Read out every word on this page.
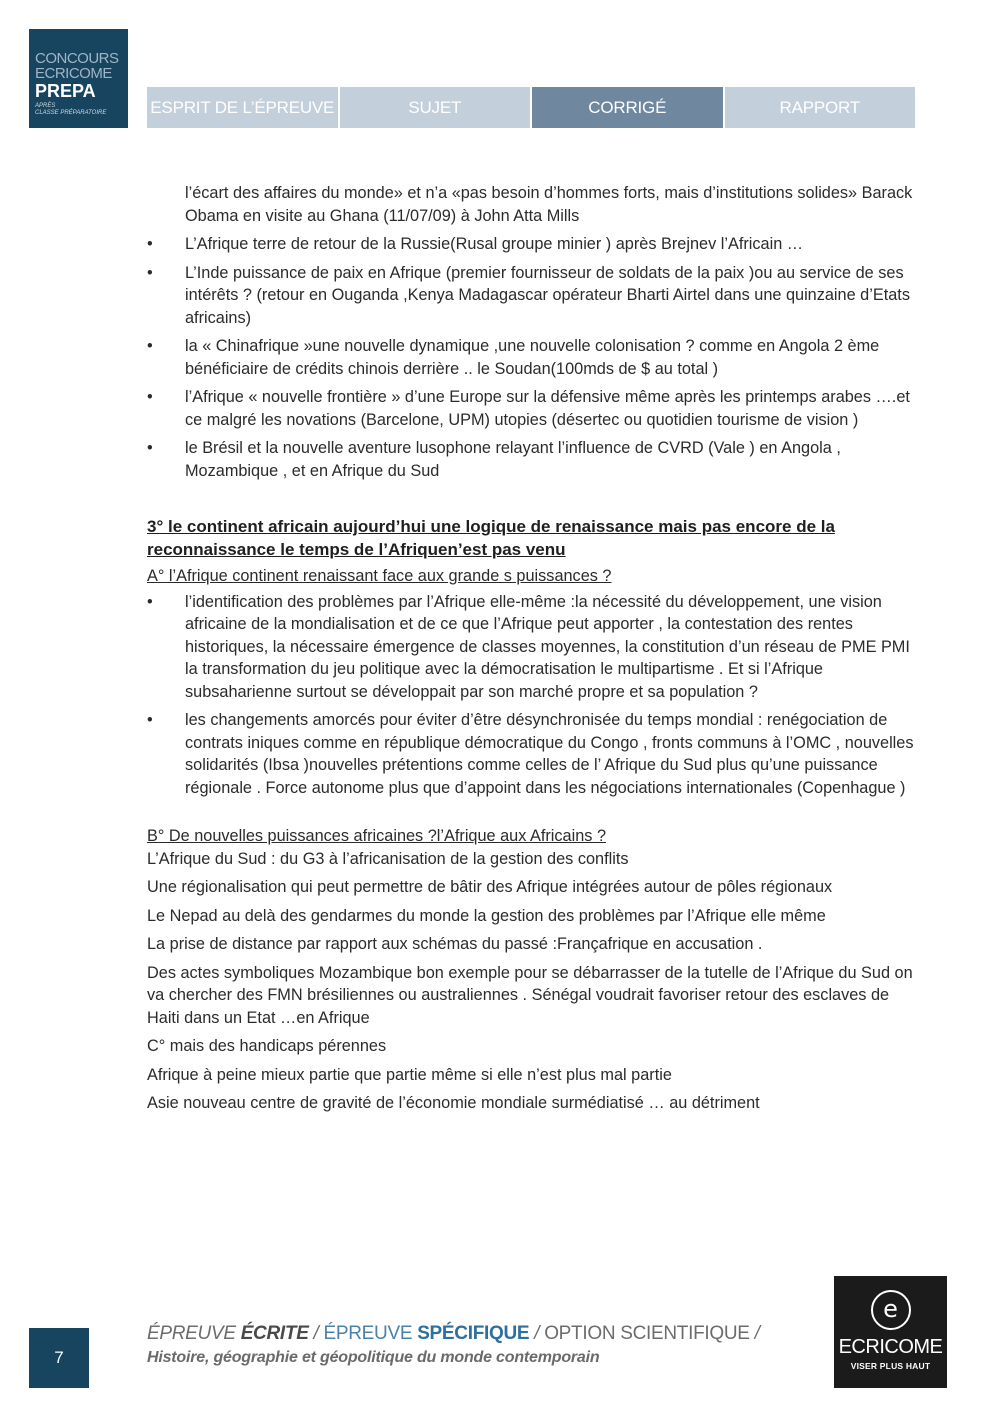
CONCOURS
ECRICOME
PREPA
APRÈS
CLASSE PRÉPARATOIRE	ESPRIT DE L’ÉPREUVE	SUJET	CORRIGÉ	RAPPORT

l’écart des affaires du monde» et n’a «pas besoin d’hommes forts, mais d’institutions solides» Barack Obama en visite au Ghana (11/07/09) à John Atta Mills

•	L’Afrique terre de retour de la Russie(Rusal groupe minier ) après Brejnev l’Africain …
•	L’Inde puissance de paix en Afrique (premier fournisseur de soldats de la paix )ou au service de ses intérêts ? (retour en Ouganda ,Kenya Madagascar opérateur Bharti Airtel dans une quinzaine d’Etats africains)
•	la « Chinafrique »une nouvelle dynamique ,une nouvelle colonisation ? comme en Angola 2 ème bénéficiaire de crédits chinois derrière .. le Soudan(100mds de $ au total )
•	l’Afrique « nouvelle frontière » d’une Europe sur la défensive même après les printemps arabes ….et ce malgré les novations (Barcelone, UPM) utopies (désertec ou quotidien tourisme de vision )
•	le Brésil et la nouvelle aventure lusophone relayant l’influence de CVRD (Vale ) en Angola , Mozambique , et en Afrique du Sud

3° le continent africain aujourd’hui une logique de renaissance mais pas encore de la reconnaissance le temps de l’Afriquen’est pas venu

A° l’Afrique continent renaissant face aux grande s puissances ?

•	l’identification des problèmes par l’Afrique elle-même :la nécessité du développement, une vision africaine de la mondialisation et de ce que l’Afrique peut apporter , la contestation des rentes historiques, la nécessaire émergence de classes moyennes, la constitution d’un réseau de PME PMI la transformation du jeu politique avec la démocratisation le multipartisme . Et si l’Afrique subsaharienne surtout se développait par son marché propre et sa population ?
•	les changements amorcés pour éviter d’être désynchronisée du temps mondial : renégociation de contrats iniques comme en république démocratique du Congo , fronts communs à l’OMC , nouvelles solidarités (Ibsa )nouvelles prétentions comme celles de l’ Afrique du Sud plus qu’une puissance régionale . Force autonome plus que d’appoint dans les négociations internationales (Copenhague )

B° De nouvelles puissances africaines ?l’Afrique aux Africains ?

L’Afrique du Sud : du G3 à l’africanisation de la gestion des conflits

Une régionalisation qui peut permettre de bâtir des Afrique intégrées autour de pôles régionaux

Le Nepad au delà des gendarmes du monde la gestion des problèmes par l’Afrique elle même

La prise de distance par rapport aux schémas du passé :Françafrique en accusation .

Des actes symboliques Mozambique bon exemple pour se débarrasser de la tutelle de l’Afrique du Sud on va chercher des FMN brésiliennes ou australiennes . Sénégal voudrait favoriser retour des esclaves de Haiti dans un Etat …en Afrique

C° mais des handicaps pérennes

Afrique à peine mieux partie que partie même si elle n’est plus mal partie

Asie nouveau centre de gravité de l’économie mondiale surmédiatisé … au détriment

7
ÉPREUVE ÉCRITE / ÉPREUVE SPÉCIFIQUE / OPTION SCIENTIFIQUE /
Histoire, géographie et géopolitique du monde contemporain
e
ECRICOME
VISER PLUS HAUT
